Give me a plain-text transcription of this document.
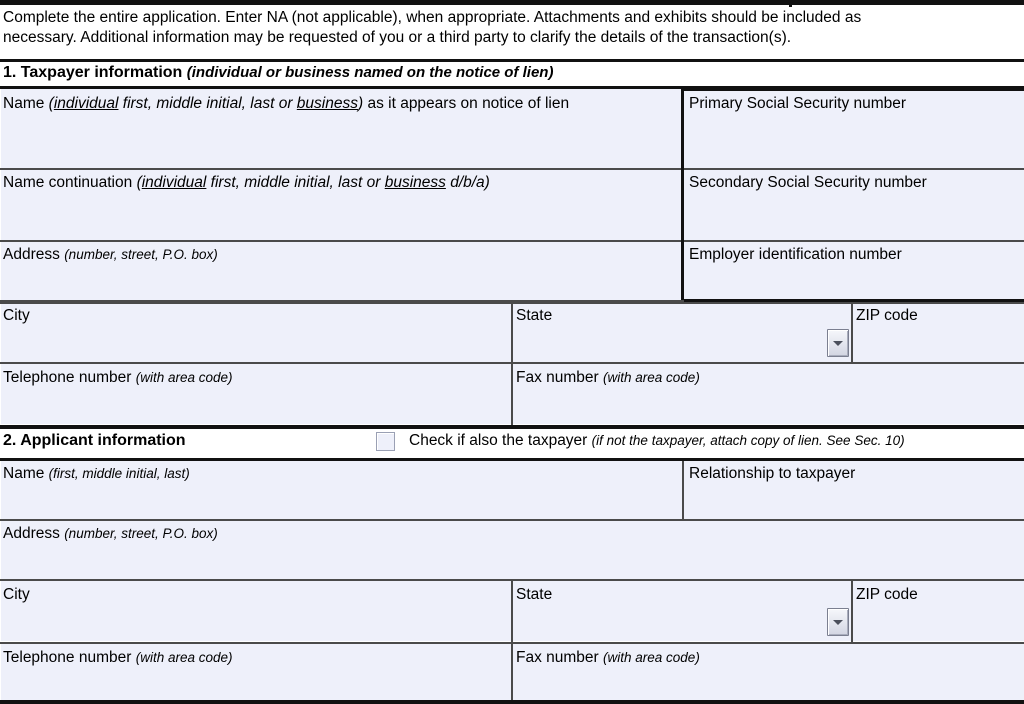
Complete the entire application. Enter NA (not applicable), when appropriate. Attachments and exhibits should be included as
necessary. Additional information may be requested of you or a third party to clarify the details of the transaction(s).
1. Taxpayer information (individual or business named on the notice of lien)
Name (individual first, middle initial, last or business) as it appears on notice of lien	Primary Social Security number
Name continuation (individual first, middle initial, last or business d/b/a)	Secondary Social Security number
Address (number, street, P.O. box)	Employer identification number
City	State	ZIP code
Telephone number (with area code)	Fax number (with area code)
2. Applicant information	Check if also the taxpayer (if not the taxpayer, attach copy of lien. See Sec. 10)
Name (first, middle initial, last)	Relationship to taxpayer
Address (number, street, P.O. box)
City	State	ZIP code
Telephone number (with area code)	Fax number (with area code)
